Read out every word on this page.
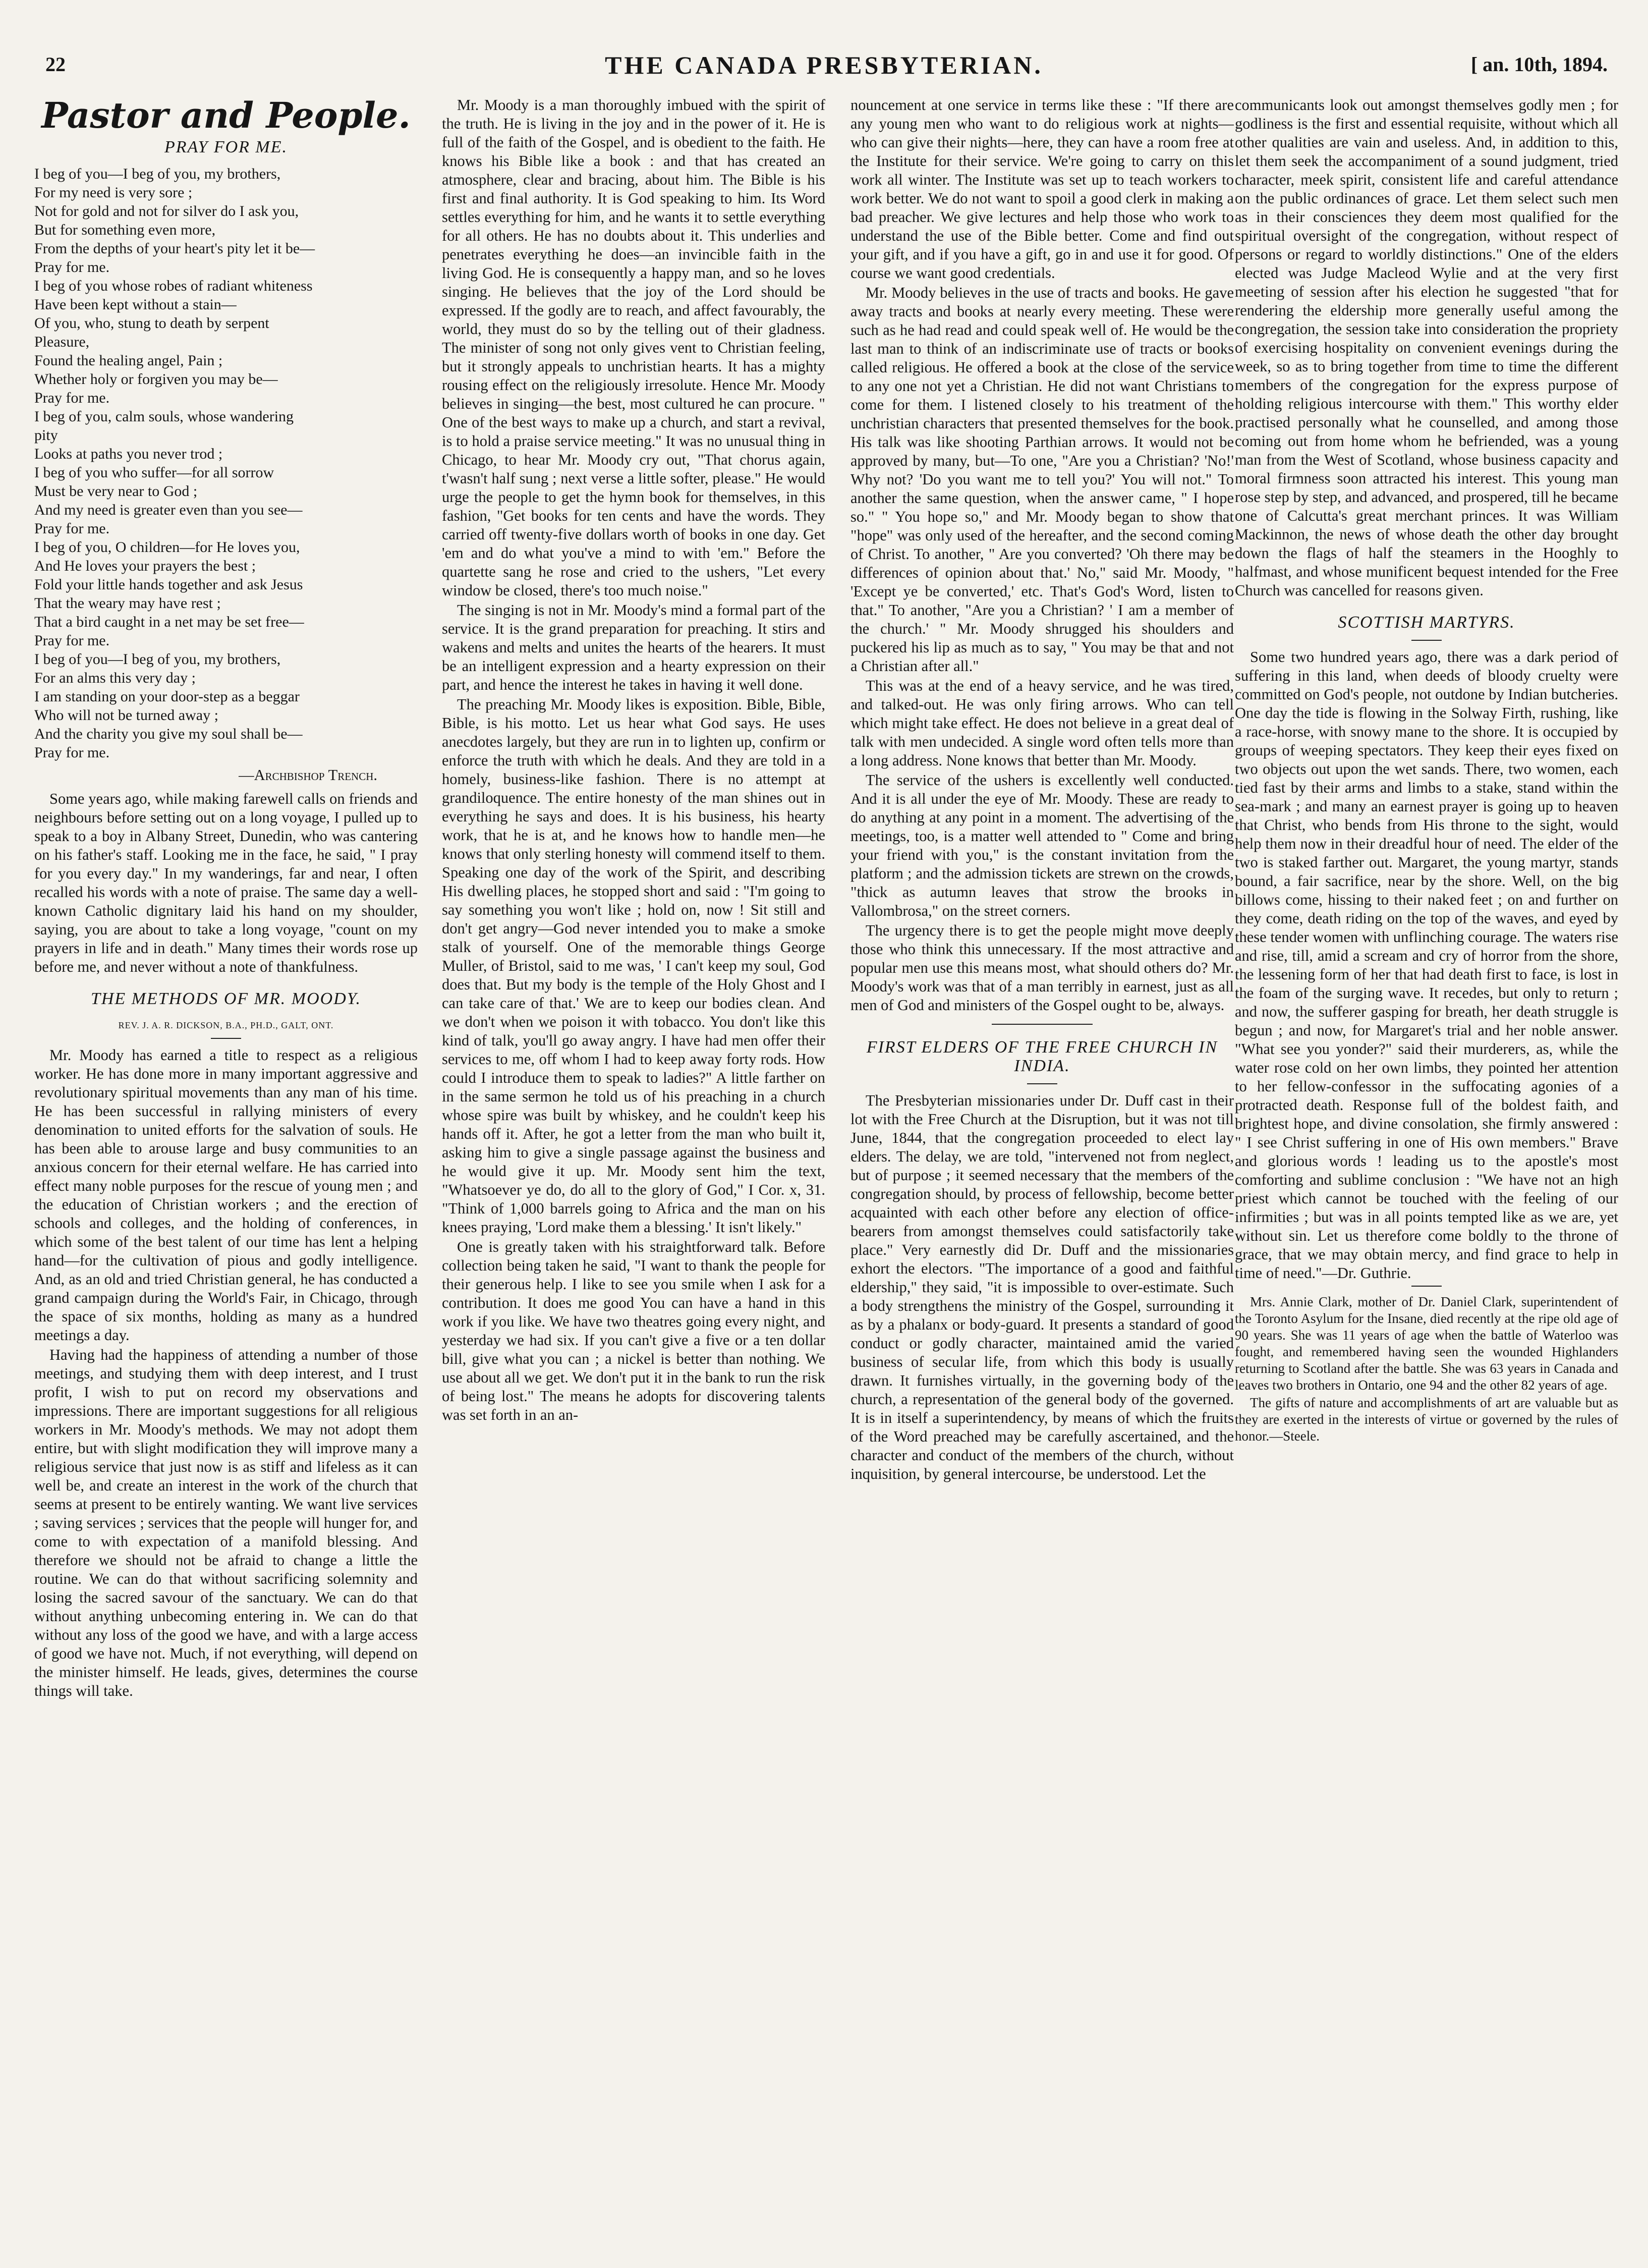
22	THE CANADA PRESBYTERIAN.	[ an. 10th, 1894.
Pastor and People.
PRAY FOR ME.
I beg of you—I beg of you, my brothers,
For my need is very sore ;
Not for gold and not for silver do I ask you,
But for something even more,
From the depths of your heart's pity let it be—
Pray for me.
I beg of you whose robes of radiant whiteness
Have been kept without a stain—
Of you, who, stung to death by serpent
Pleasure,
Found the healing angel, Pain ;
Whether holy or forgiven you may be—
Pray for me.
I beg of you, calm souls, whose wandering
pity
Looks at paths you never trod ;
I beg of you who suffer—for all sorrow
Must be very near to God ;
And my need is greater even than you see—
Pray for me.
I beg of you, O children—for He loves you,
And He loves your prayers the best ;
Fold your little hands together and ask Jesus
That the weary may have rest ;
That a bird caught in a net may be set free—
Pray for me.
I beg of you—I beg of you, my brothers,
For an alms this very day ;
I am standing on your door-step as a beggar
Who will not be turned away ;
And the charity you give my soul shall be—
Pray for me.
—Archbishop Trench.

Some years ago, while making farewell calls on friends and neighbours before setting out on a long voyage, I pulled up to speak to a boy in Albany Street, Dunedin, who was cantering on his father's staff. Looking me in the face, he said, " I pray for you every day." In my wanderings, far and near, I often recalled his words with a note of praise. The same day a well-known Catholic dignitary laid his hand on my shoulder, saying, you are about to take a long voyage, "count on my prayers in life and in death." Many times their words rose up before me, and never without a note of thankfulness.

THE METHODS OF MR. MOODY.
REV. J. A. R. DICKSON, B.A., PH.D., GALT, ONT.

Mr. Moody has earned a title to respect as a religious worker. He has done more in many important aggressive and revolutionary spiritual movements than any man of his time. He has been successful in rallying ministers of every denomination to united efforts for the salvation of souls. He has been able to arouse large and busy communities to an anxious concern for their eternal welfare. He has carried into effect many noble purposes for the rescue of young men ; and the education of Christian workers ; and the erection of schools and colleges, and the holding of conferences, in which some of the best talent of our time has lent a helping hand—for the cultivation of pious and godly intelligence. And, as an old and tried Christian general, he has conducted a grand campaign during the World's Fair, in Chicago, through the space of six months, holding as many as a hundred meetings a day.

Having had the happiness of attending a number of those meetings, and studying them with deep interest, and I trust profit, I wish to put on record my observations and impressions. There are important suggestions for all religious workers in Mr. Moody's methods. We may not adopt them entire, but with slight modification they will improve many a religious service that just now is as stiff and lifeless as it can well be, and create an interest in the work of the church that seems at present to be entirely wanting. We want live services ; saving services ; services that the people will hunger for, and come to with expectation of a manifold blessing. And therefore we should not be afraid to change a little the routine. We can do that without sacrificing solemnity and losing the sacred savour of the sanctuary. We can do that without anything unbecoming entering in. We can do that without any loss of the good we have, and with a large access of good we have not. Much, if not everything, will depend on the minister himself. He leads, gives, determines the course things will take.

Mr. Moody is a man thoroughly imbued with the spirit of the truth. He is living in the joy and in the power of it. He is full of the faith of the Gospel, and is obedient to the faith. He knows his Bible like a book : and that has created an atmosphere, clear and bracing, about him. The Bible is his first and final authority. It is God speaking to him. Its Word settles everything for him, and he wants it to settle everything for all others. He has no doubts about it. This underlies and penetrates everything he does—an invincible faith in the living God. He is consequently a happy man, and so he loves singing. He believes that the joy of the Lord should be expressed. If the godly are to reach, and affect favourably, the world, they must do so by the telling out of their gladness. The minister of song not only gives vent to Christian feeling, but it strongly appeals to unchristian hearts. It has a mighty rousing effect on the religiously irresolute. Hence Mr. Moody believes in singing—the best, most cultured he can procure. " One of the best ways to make up a church, and start a revival, is to hold a praise service meeting." It was no unusual thing in Chicago, to hear Mr. Moody cry out, "That chorus again, t'wasn't half sung ; next verse a little softer, please." He would urge the people to get the hymn book for themselves, in this fashion, "Get books for ten cents and have the words. They carried off twenty-five dollars worth of books in one day. Get 'em and do what you've a mind to with 'em." Before the quartette sang he rose and cried to the ushers, "Let every window be closed, there's too much noise."

The singing is not in Mr. Moody's mind a formal part of the service. It is the grand preparation for preaching. It stirs and wakens and melts and unites the hearts of the hearers. It must be an intelligent expression and a hearty expression on their part, and hence the interest he takes in having it well done.

The preaching Mr. Moody likes is exposition. Bible, Bible, Bible, is his motto. Let us hear what God says. He uses anecdotes largely, but they are run in to lighten up, confirm or enforce the truth with which he deals. And they are told in a homely, business-like fashion. There is no attempt at grandiloquence. The entire honesty of the man shines out in everything he says and does. It is his business, his hearty work, that he is at, and he knows how to handle men—he knows that only sterling honesty will commend itself to them. Speaking one day of the work of the Spirit, and describing His dwelling places, he stopped short and said : "I'm going to say something you won't like ; hold on, now ! Sit still and don't get angry—God never intended you to make a smoke stalk of yourself. One of the memorable things George Muller, of Bristol, said to me was, ' I can't keep my soul, God does that. But my body is the temple of the Holy Ghost and I can take care of that.' We are to keep our bodies clean. And we don't when we poison it with tobacco. You don't like this kind of talk, you'll go away angry. I have had men offer their services to me, off whom I had to keep away forty rods. How could I introduce them to speak to ladies?" A little farther on in the same sermon he told us of his preaching in a church whose spire was built by whiskey, and he couldn't keep his hands off it. After, he got a letter from the man who built it, asking him to give a single passage against the business and he would give it up. Mr. Moody sent him the text, "Whatsoever ye do, do all to the glory of God," I Cor. x, 31. "Think of 1,000 barrels going to Africa and the man on his knees praying, 'Lord make them a blessing.' It isn't likely."

One is greatly taken with his straightforward talk. Before collection being taken he said, "I want to thank the people for their generous help. I like to see you smile when I ask for a contribution. It does me good You can have a hand in this work if you like. We have two theatres going every night, and yesterday we had six. If you can't give a five or a ten dollar bill, give what you can ; a nickel is better than nothing. We use about all we get. We don't put it in the bank to run the risk of being lost." The means he adopts for discovering talents was set forth in an an-

nouncement at one service in terms like these : "If there are any young men who want to do religious work at nights—who can give their nights—here, they can have a room free at the Institute for their service. We're going to carry on this work all winter. The Institute was set up to teach workers to work better. We do not want to spoil a good clerk in making a bad preacher. We give lectures and help those who work to understand the use of the Bible better. Come and find out your gift, and if you have a gift, go in and use it for good. Of course we want good credentials.

Mr. Moody believes in the use of tracts and books. He gave away tracts and books at nearly every meeting. These were such as he had read and could speak well of. He would be the last man to think of an indiscriminate use of tracts or books called religious. He offered a book at the close of the service to any one not yet a Christian. He did not want Christians to come for them. I listened closely to his treatment of the unchristian characters that presented themselves for the book. His talk was like shooting Parthian arrows. It would not be approved by many, but—To one, "Are you a Christian? 'No!' Why not? 'Do you want me to tell you?' You will not." To another the same question, when the answer came, " I hope so." " You hope so," and Mr. Moody began to show that "hope" was only used of the hereafter, and the second coming of Christ. To another, " Are you converted? 'Oh there may be differences of opinion about that.' No," said Mr. Moody, " 'Except ye be converted,' etc. That's God's Word, listen to that." To another, "Are you a Christian? ' I am a member of the church.' " Mr. Moody shrugged his shoulders and puckered his lip as much as to say, " You may be that and not a Christian after all."

This was at the end of a heavy service, and he was tired, and talked-out. He was only firing arrows. Who can tell which might take effect. He does not believe in a great deal of talk with men undecided. A single word often tells more than a long address. None knows that better than Mr. Moody.

The service of the ushers is excellently well conducted. And it is all under the eye of Mr. Moody. These are ready to do anything at any point in a moment. The advertising of the meetings, too, is a matter well attended to " Come and bring your friend with you," is the constant invitation from the platform ; and the admission tickets are strewn on the crowds, "thick as autumn leaves that strow the brooks in Vallombrosa," on the street corners.

The urgency there is to get the people might move deeply those who think this unnecessary. If the most attractive and popular men use this means most, what should others do? Mr. Moody's work was that of a man terribly in earnest, just as all men of God and ministers of the Gospel ought to be, always.

FIRST ELDERS OF THE FREE CHURCH IN INDIA.

The Presbyterian missionaries under Dr. Duff cast in their lot with the Free Church at the Disruption, but it was not till June, 1844, that the congregation proceeded to elect lay elders. The delay, we are told, "intervened not from neglect, but of purpose ; it seemed necessary that the members of the congregation should, by process of fellowship, become better acquainted with each other before any election of office-bearers from amongst themselves could satisfactorily take place." Very earnestly did Dr. Duff and the missionaries exhort the electors. "The importance of a good and faithful eldership," they said, "it is impossible to over-estimate. Such a body strengthens the ministry of the Gospel, surrounding it as by a phalanx or body-guard. It presents a standard of good conduct or godly character, maintained amid the varied business of secular life, from which this body is usually drawn. It furnishes virtually, in the governing body of the church, a representation of the general body of the governed. It is in itself a superintendency, by means of which the fruits of the Word preached may be carefully ascertained, and the character and conduct of the members of the church, without inquisition, by general intercourse, be understood. Let the

communicants look out amongst themselves godly men ; for godliness is the first and essential requisite, without which all other qualities are vain and useless. And, in addition to this, let them seek the accompaniment of a sound judgment, tried character, meek spirit, consistent life and careful attendance on the public ordinances of grace. Let them select such men as in their consciences they deem most qualified for the spiritual oversight of the congregation, without respect of persons or regard to worldly distinctions." One of the elders elected was Judge Macleod Wylie and at the very first meeting of session after his election he suggested "that for rendering the eldership more generally useful among the congregation, the session take into consideration the propriety of exercising hospitality on convenient evenings during the week, so as to bring together from time to time the different members of the congregation for the express purpose of holding religious intercourse with them." This worthy elder practised personally what he counselled, and among those coming out from home whom he befriended, was a young man from the West of Scotland, whose business capacity and moral firmness soon attracted his interest. This young man rose step by step, and advanced, and prospered, till he became one of Calcutta's great merchant princes. It was William Mackinnon, the news of whose death the other day brought down the flags of half the steamers in the Hooghly to halfmast, and whose munificent bequest intended for the Free Church was cancelled for reasons given.

SCOTTISH MARTYRS.

Some two hundred years ago, there was a dark period of suffering in this land, when deeds of bloody cruelty were committed on God's people, not outdone by Indian butcheries. One day the tide is flowing in the Solway Firth, rushing, like a race-horse, with snowy mane to the shore. It is occupied by groups of weeping spectators. They keep their eyes fixed on two objects out upon the wet sands. There, two women, each tied fast by their arms and limbs to a stake, stand within the sea-mark ; and many an earnest prayer is going up to heaven that Christ, who bends from His throne to the sight, would help them now in their dreadful hour of need. The elder of the two is staked farther out. Margaret, the young martyr, stands bound, a fair sacrifice, near by the shore. Well, on the big billows come, hissing to their naked feet ; on and further on they come, death riding on the top of the waves, and eyed by these tender women with unflinching courage. The waters rise and rise, till, amid a scream and cry of horror from the shore, the lessening form of her that had death first to face, is lost in the foam of the surging wave. It recedes, but only to return ; and now, the sufferer gasping for breath, her death struggle is begun ; and now, for Margaret's trial and her noble answer. "What see you yonder?" said their murderers, as, while the water rose cold on her own limbs, they pointed her attention to her fellow-confessor in the suffocating agonies of a protracted death. Response full of the boldest faith, and brightest hope, and divine consolation, she firmly answered : " I see Christ suffering in one of His own members." Brave and glorious words ! leading us to the apostle's most comforting and sublime conclusion : "We have not an high priest which cannot be touched with the feeling of our infirmities ; but was in all points tempted like as we are, yet without sin. Let us therefore come boldly to the throne of grace, that we may obtain mercy, and find grace to help in time of need."—Dr. Guthrie.

Mrs. Annie Clark, mother of Dr. Daniel Clark, superintendent of the Toronto Asylum for the Insane, died recently at the ripe old age of 90 years. She was 11 years of age when the battle of Waterloo was fought, and remembered having seen the wounded Highlanders returning to Scotland after the battle. She was 63 years in Canada and leaves two brothers in Ontario, one 94 and the other 82 years of age.

The gifts of nature and accomplishments of art are valuable but as they are exerted in the interests of virtue or governed by the rules of honor.—Steele.
